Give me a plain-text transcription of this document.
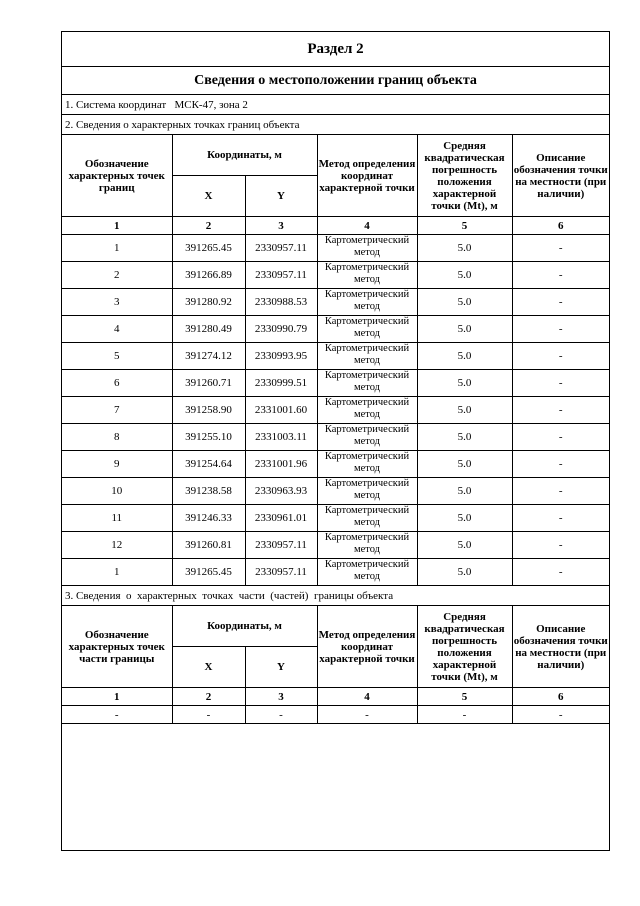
Раздел 2
Сведения о местоположении границ объекта
1. Система координат   МСК-47, зона 2
2. Сведения о характерных точках границ объекта
Обозначение характерных точек границ	Координаты, м		Метод определения координат характерной точки	Средняя квадратическая погрешность положения характерной точки (Mt), м	Описание обозначения точки на местности (при наличии)
	X	Y			
1	2	3	4	5	6
1	391265.45	2330957.11	Картометрический метод	5.0	-
2	391266.89	2330957.11	Картометрический метод	5.0	-
3	391280.92	2330988.53	Картометрический метод	5.0	-
4	391280.49	2330990.79	Картометрический метод	5.0	-
5	391274.12	2330993.95	Картометрический метод	5.0	-
6	391260.71	2330999.51	Картометрический метод	5.0	-
7	391258.90	2331001.60	Картометрический метод	5.0	-
8	391255.10	2331003.11	Картометрический метод	5.0	-
9	391254.64	2331001.96	Картометрический метод	5.0	-
10	391238.58	2330963.93	Картометрический метод	5.0	-
11	391246.33	2330961.01	Картометрический метод	5.0	-
12	391260.81	2330957.11	Картометрический метод	5.0	-
1	391265.45	2330957.11	Картометрический метод	5.0	-
3. Сведения  о  характерных  точках  части  (частей)  границы объекта
Обозначение характерных точек части границы	Координаты, м		Метод определения координат характерной точки	Средняя квадратическая погрешность положения характерной точки (Mt), м	Описание обозначения точки на местности (при наличии)
	X	Y			
1	2	3	4	5	6
-	-	-	-	-	-
